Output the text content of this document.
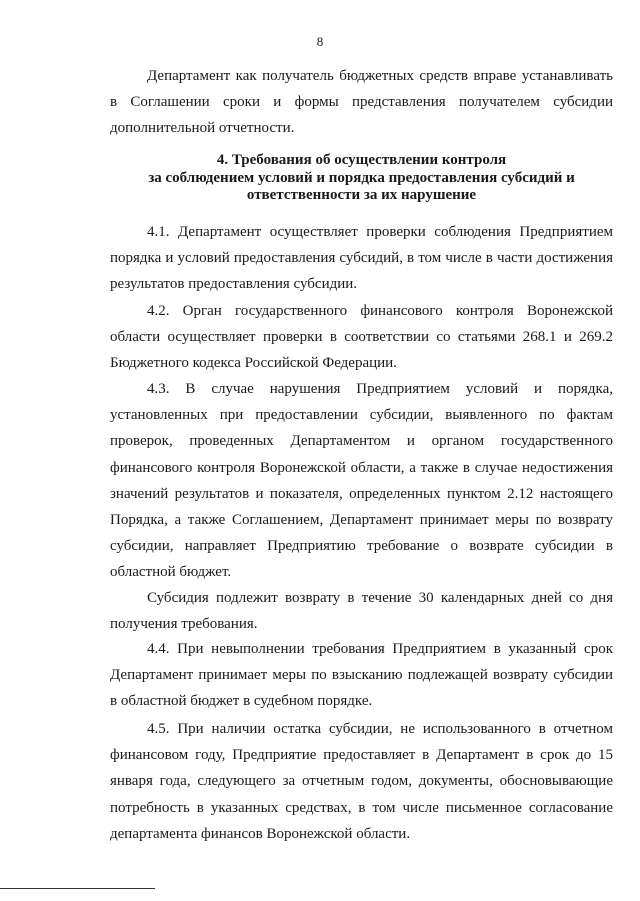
8
Департамент как получатель бюджетных средств вправе устанавливать в Соглашении сроки и формы представления получателем субсидии дополнительной отчетности.
4. Требования об осуществлении контроля
за соблюдением условий и порядка предоставления субсидий и
ответственности за их нарушение
4.1. Департамент осуществляет проверки соблюдения Предприятием порядка и условий предоставления субсидий, в том числе в части достижения результатов предоставления субсидии.
4.2. Орган государственного финансового контроля Воронежской области осуществляет проверки в соответствии со статьями 268.1 и 269.2 Бюджетного кодекса Российской Федерации.
4.3. В случае нарушения Предприятием условий и порядка, установленных при предоставлении субсидии, выявленного по фактам проверок, проведенных Департаментом и органом государственного финансового контроля Воронежской области, а также в случае недостижения значений результатов и показателя, определенных пунктом 2.12 настоящего Порядка, а также Соглашением, Департамент принимает меры по возврату субсидии, направляет Предприятию требование о возврате субсидии в областной бюджет.
Субсидия подлежит возврату в течение 30 календарных дней со дня получения требования.
4.4. При невыполнении требования Предприятием в указанный срок Департамент принимает меры по взысканию подлежащей возврату субсидии в областной бюджет в судебном порядке.
4.5. При наличии остатка субсидии, не использованного в отчетном финансовом году, Предприятие предоставляет в Департамент в срок до 15 января года, следующего за отчетным годом, документы, обосновывающие потребность в указанных средствах, в том числе письменное согласование департамента финансов Воронежской области.
